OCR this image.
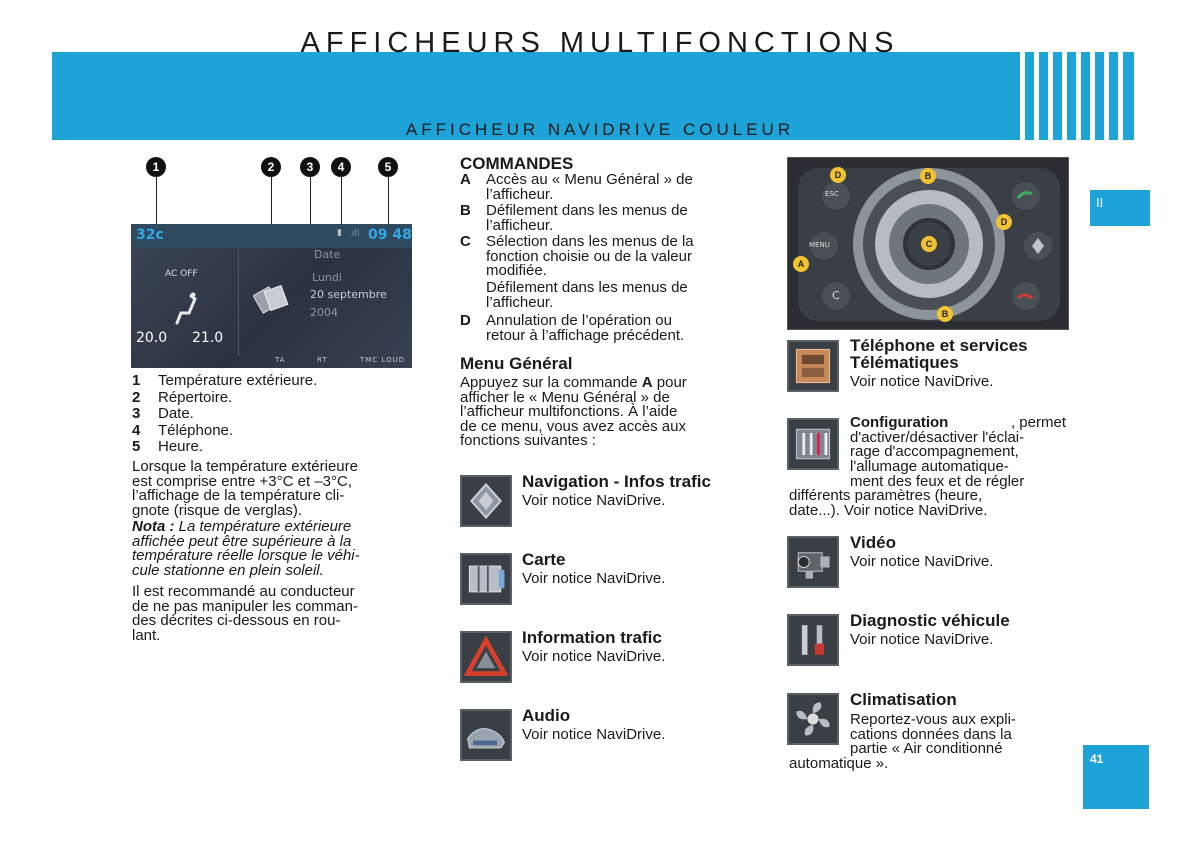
AFFICHEURS MULTIFONCTIONS
AFFICHEUR NAVIDRIVE COULEUR
II
41
1	2	3	4	5
32c	▮ .ıll 09 48
AC OFF
20.0 21.0
Date
Lundi
20 septembre
2004
TA	RT	TMC LOUD
1 Température extérieure.
2 Répertoire.
3 Date.
4 Téléphone.
5 Heure.
Lorsque la température extérieure
est comprise entre +3°C et –3°C,
l’affichage de la température cli-
gnote (risque de verglas).
Nota : La température extérieure
affichée peut être supérieure à la
température réelle lorsque le véhi-
cule stationne en plein soleil.
Il est recommandé au conducteur
de ne pas manipuler les comman-
des décrites ci-dessous en rou-
lant.
COMMANDES
A Accès au « Menu Général » de
l’afficheur.
B Défilement dans les menus de
l’afficheur.
C Sélection dans les menus de la
fonction choisie ou de la valeur
modifiée.
Défilement dans les menus de
l’afficheur.
D Annulation de l’opération ou
retour à l’affichage précédent.
Menu Général
Appuyez sur la commande A pour
afficher le « Menu Général » de
l’afficheur multifonctions. À l’aide
de ce menu, vous avez accès aux
fonctions suivantes :
Navigation - Infos trafic
Voir notice NaviDrive.
Carte
Voir notice NaviDrive.
Information trafic
Voir notice NaviDrive.
Audio
Voir notice NaviDrive.
ESC
MENU
C
D	B
D
C
A
B
Téléphone et services
Télématiques
Voir notice NaviDrive.
Configuration	, permet
d'activer/désactiver l'éclai-
rage d'accompagnement,
l'allumage automatique-
ment des feux et de régler
différents paramètres (heure,
date...). Voir notice NaviDrive.
Vidéo
Voir notice NaviDrive.
Diagnostic véhicule
Voir notice NaviDrive.
Climatisation
Reportez-vous aux expli-
cations données dans la
partie « Air conditionné
automatique ».
